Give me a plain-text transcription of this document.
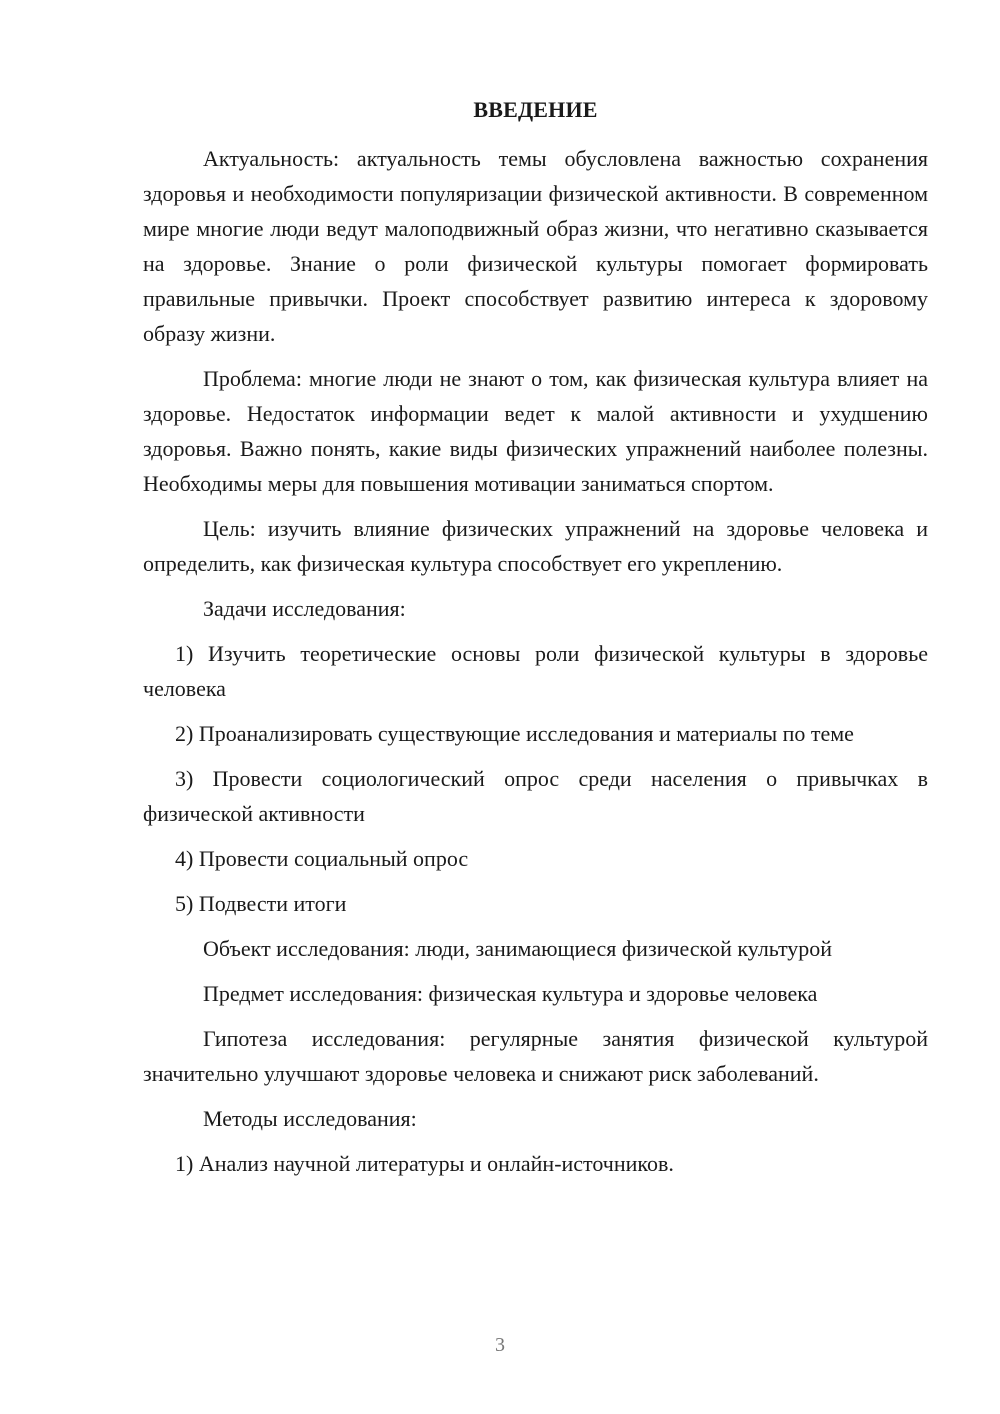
ВВЕДЕНИЕ

Актуальность: актуальность темы обусловлена важностью сохранения здоровья и необходимости популяризации физической активности. В современном мире многие люди ведут малоподвижный образ жизни, что негативно сказывается на здоровье. Знание о роли физической культуры помогает формировать правильные привычки. Проект способствует развитию интереса к здоровому образу жизни.

Проблема: многие люди не знают о том, как физическая культура влияет на здоровье. Недостаток информации ведет к малой активности и ухудшению здоровья. Важно понять, какие виды физических упражнений наиболее полезны. Необходимы меры для повышения мотивации заниматься спортом.

Цель: изучить влияние физических упражнений на здоровье человека и определить, как физическая культура способствует его укреплению.

Задачи исследования:

1) Изучить теоретические основы роли физической культуры в здоровье человека

2) Проанализировать существующие исследования и материалы по теме

3) Провести социологический опрос среди населения о привычках в физической активности

4) Провести социальный опрос

5) Подвести итоги

Объект исследования: люди, занимающиеся физической культурой

Предмет исследования: физическая культура и здоровье человека

Гипотеза исследования: регулярные занятия физической культурой значительно улучшают здоровье человека и снижают риск заболеваний.

Методы исследования:

1) Анализ научной литературы и онлайн-источников.

3
